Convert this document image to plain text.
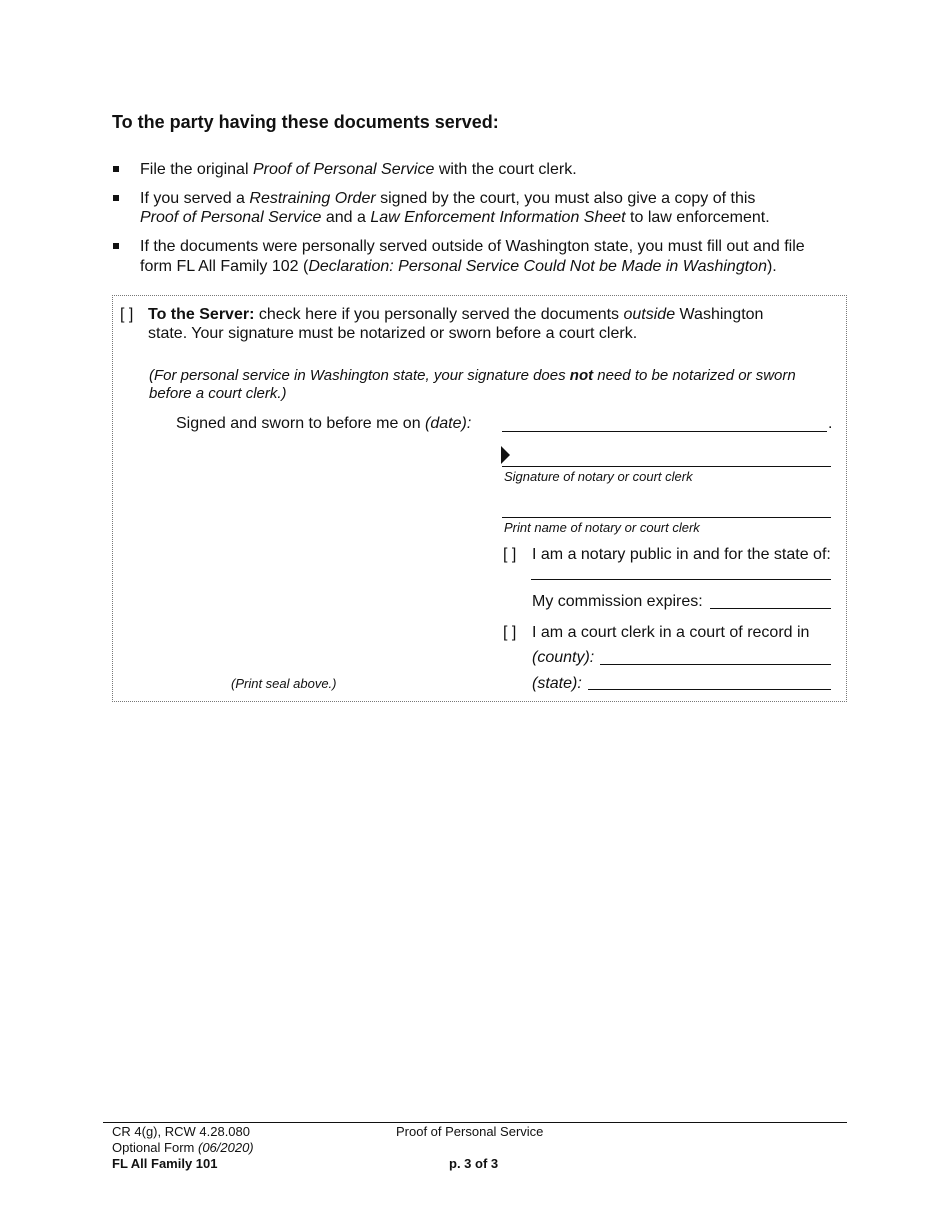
To the party having these documents served:
File the original Proof of Personal Service with the court clerk.
If you served a Restraining Order signed by the court, you must also give a copy of this
Proof of Personal Service and a Law Enforcement Information Sheet to law enforcement.
If the documents were personally served outside of Washington state, you must fill out and file
form FL All Family 102 (Declaration: Personal Service Could Not be Made in Washington).
[ ] To the Server: check here if you personally served the documents outside Washington
state. Your signature must be notarized or sworn before a court clerk.
(For personal service in Washington state, your signature does not need to be notarized or sworn
before a court clerk.)
Signed and sworn to before me on (date):	.
Signature of notary or court clerk
Print name of notary or court clerk
[ ] I am a notary public in and for the state of:
My commission expires:
[ ] I am a court clerk in a court of record in
(county):
(state):
(Print seal above.)
CR 4(g), RCW 4.28.080
Optional Form (06/2020)
FL All Family 101
Proof of Personal Service
p. 3 of 3
